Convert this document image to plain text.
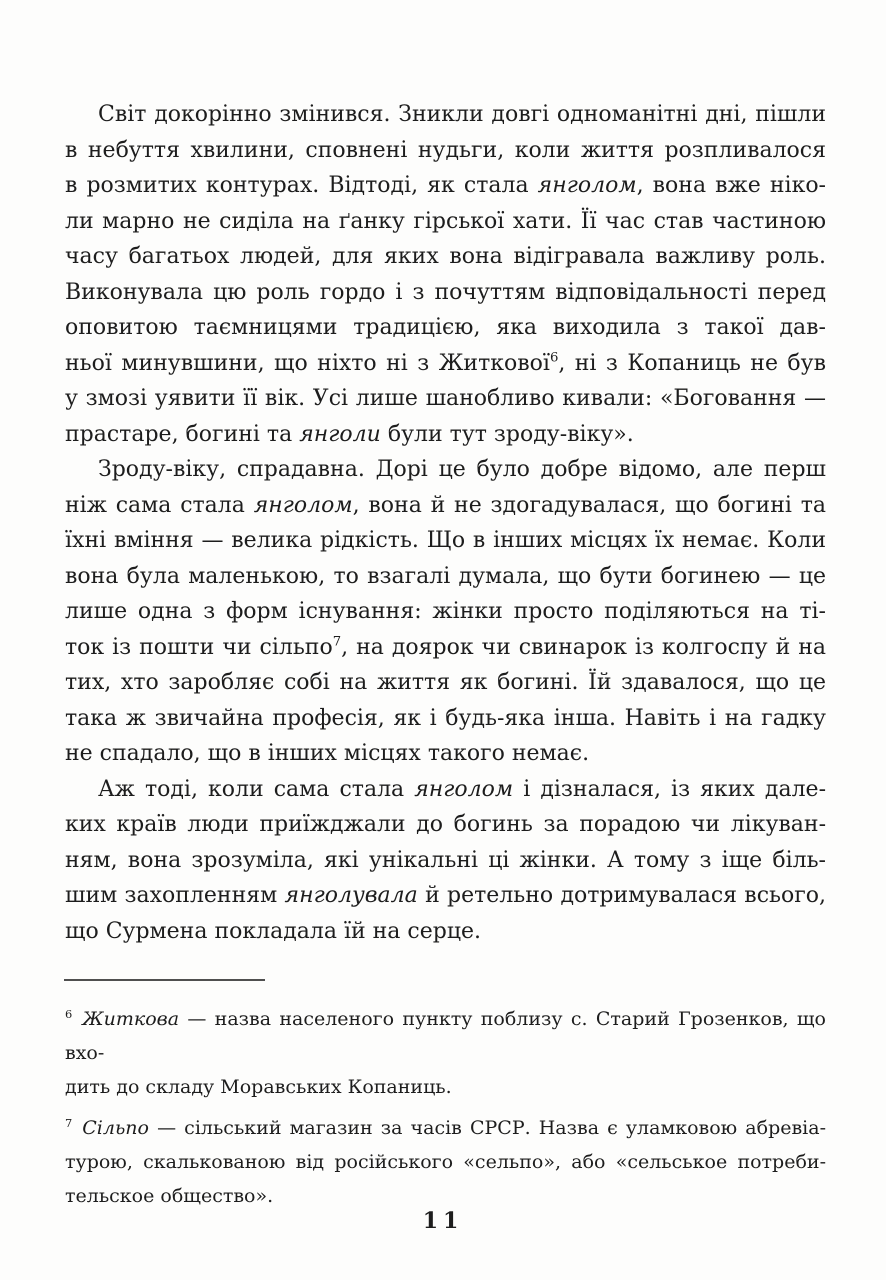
Світ докорінно змінився. Зникли довгі одноманітні дні, пішли
в небуття хвилини, сповнені нудьги, коли життя розпливалося
в розмитих контурах. Відтоді, як стала янголом, вона вже ніко-
ли марно не сиділа на ґанку гірської хати. Її час став частиною
часу багатьох людей, для яких вона відігравала важливу роль.
Виконувала цю роль гордо і з почуттям відповідальності перед
оповитою таємницями традицією, яка виходила з такої дав-
ньої минувшини, що ніхто ні з Житкової$^6$, ні з Копаниць не був
у змозі уявити її вік. Усі лише шанобливо кивали: «Боговання —
прастаре, богині та янголи були тут зроду-віку».
Зроду-віку, спрадавна. Дорі це було добре відомо, але перш
ніж сама стала янголом, вона й не здогадувалася, що богині та
їхні вміння — велика рідкість. Що в інших місцях їх немає. Коли
вона була маленькою, то взагалі думала, що бути богинею — це
лише одна з форм існування: жінки просто поділяються на ті-
ток із пошти чи сільпо$^7$, на доярок чи свинарок із колгоспу й на
тих, хто заробляє собі на життя як богині. Їй здавалося, що це
така ж звичайна професія, як і будь-яка інша. Навіть і на гадку
не спадало, що в інших місцях такого немає.
Аж тоді, коли сама стала янголом і дізналася, із яких дале-
ких країв люди приїжджали до богинь за порадою чи лікуван-
ням, вона зрозуміла, які унікальні ці жінки. А тому з іще біль-
шим захопленням янголувала й ретельно дотримувалася всього,
що Сурмена покладала їй на серце.
$^6$ Житкова — назва населеного пункту поблизу с. Старий Грозенков, що вхо-
дить до складу Моравських Копаниць.
$^7$ Сільпо — сільський магазин за часів СРСР. Назва є уламковою абревіа-
турою, скалькованою від російського «сельпо», або «сельськое потреби-
тельское общество».
11
